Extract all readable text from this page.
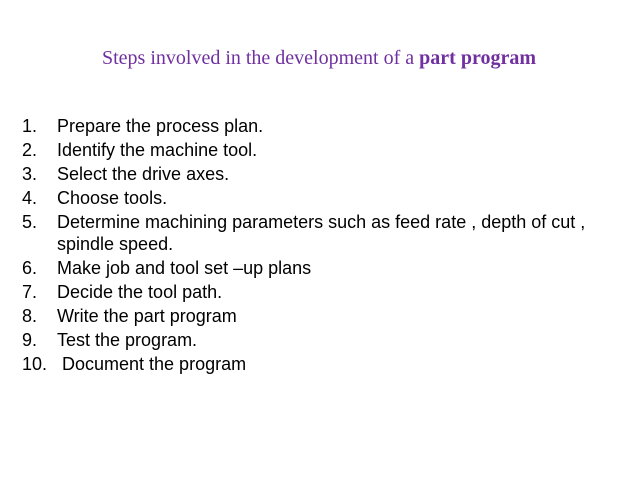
Steps involved in the development of a part program
1.	Prepare the process plan.
2.	Identify the machine tool.
3.	Select the drive axes.
4.	Choose tools.
5.	Determine machining parameters such as feed rate , depth of cut , spindle speed.
6.	Make job and tool set –up plans
7.	Decide the tool path.
8.	Write the part program
9.	Test the program.
10. Document the program
